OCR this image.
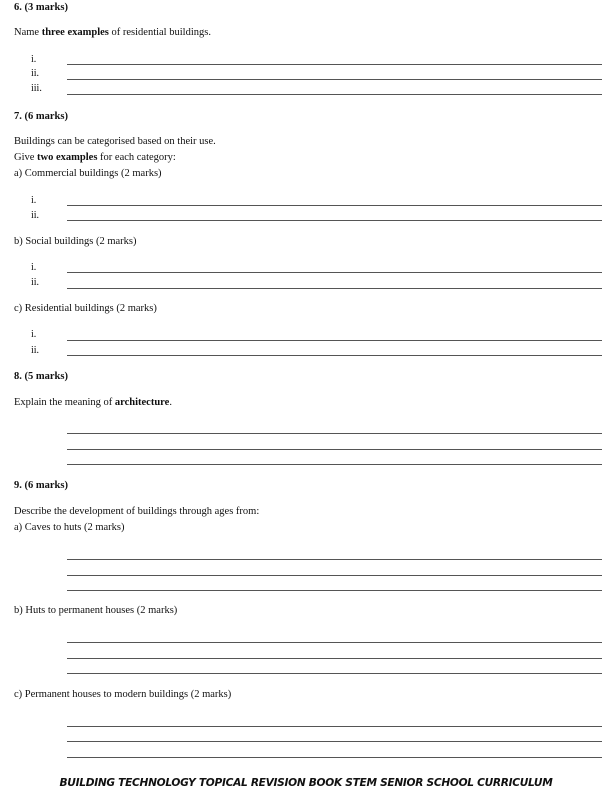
6. (3 marks)
Name three examples of residential buildings.
i.
ii.
iii.
7. (6 marks)
Buildings can be categorised based on their use.
Give two examples for each category:
a) Commercial buildings (2 marks)
i.
ii.
b) Social buildings (2 marks)
i.
ii.
c) Residential buildings (2 marks)
i.
ii.
8. (5 marks)
Explain the meaning of architecture.
9. (6 marks)
Describe the development of buildings through ages from:
a) Caves to huts (2 marks)
b) Huts to permanent houses (2 marks)
c) Permanent houses to modern buildings (2 marks)
BUILDING TECHNOLOGY TOPICAL REVISION BOOK STEM SENIOR SCHOOL CURRICULUM
